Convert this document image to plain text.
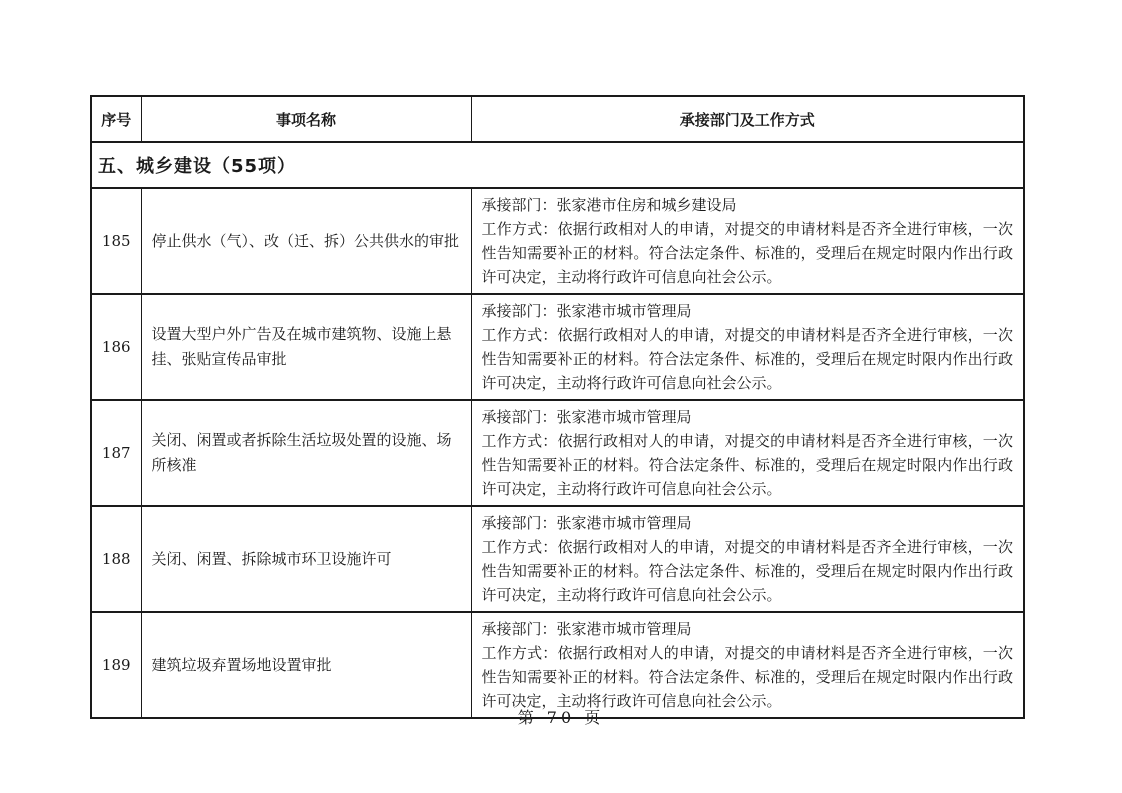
序号	事项名称	承接部门及工作方式
五、城乡建设（55项）		
185	停止供水（气）、改（迁、拆）公共供水的审批	承接部门：张家港市住房和城乡建设局
工作方式：依据行政相对人的申请，对提交的申请材料是否齐全进行审核，一次性告知需要补正的材料。符合法定条件、标准的，受理后在规定时限内作出行政许可决定，主动将行政许可信息向社会公示。

186	设置大型户外广告及在城市建筑物、设施上悬挂、张贴宣传品审批	承接部门：张家港市城市管理局
工作方式：依据行政相对人的申请，对提交的申请材料是否齐全进行审核，一次性告知需要补正的材料。符合法定条件、标准的，受理后在规定时限内作出行政许可决定，主动将行政许可信息向社会公示。

187	关闭、闲置或者拆除生活垃圾处置的设施、场所核准	承接部门：张家港市城市管理局
工作方式：依据行政相对人的申请，对提交的申请材料是否齐全进行审核，一次性告知需要补正的材料。符合法定条件、标准的，受理后在规定时限内作出行政许可决定，主动将行政许可信息向社会公示。

188	关闭、闲置、拆除城市环卫设施许可	承接部门：张家港市城市管理局
工作方式：依据行政相对人的申请，对提交的申请材料是否齐全进行审核，一次性告知需要补正的材料。符合法定条件、标准的，受理后在规定时限内作出行政许可决定，主动将行政许可信息向社会公示。

189	建筑垃圾弃置场地设置审批	承接部门：张家港市城市管理局
工作方式：依据行政相对人的申请，对提交的申请材料是否齐全进行审核，一次性告知需要补正的材料。符合法定条件、标准的，受理后在规定时限内作出行政许可决定，主动将行政许可信息向社会公示。
第 70 页
